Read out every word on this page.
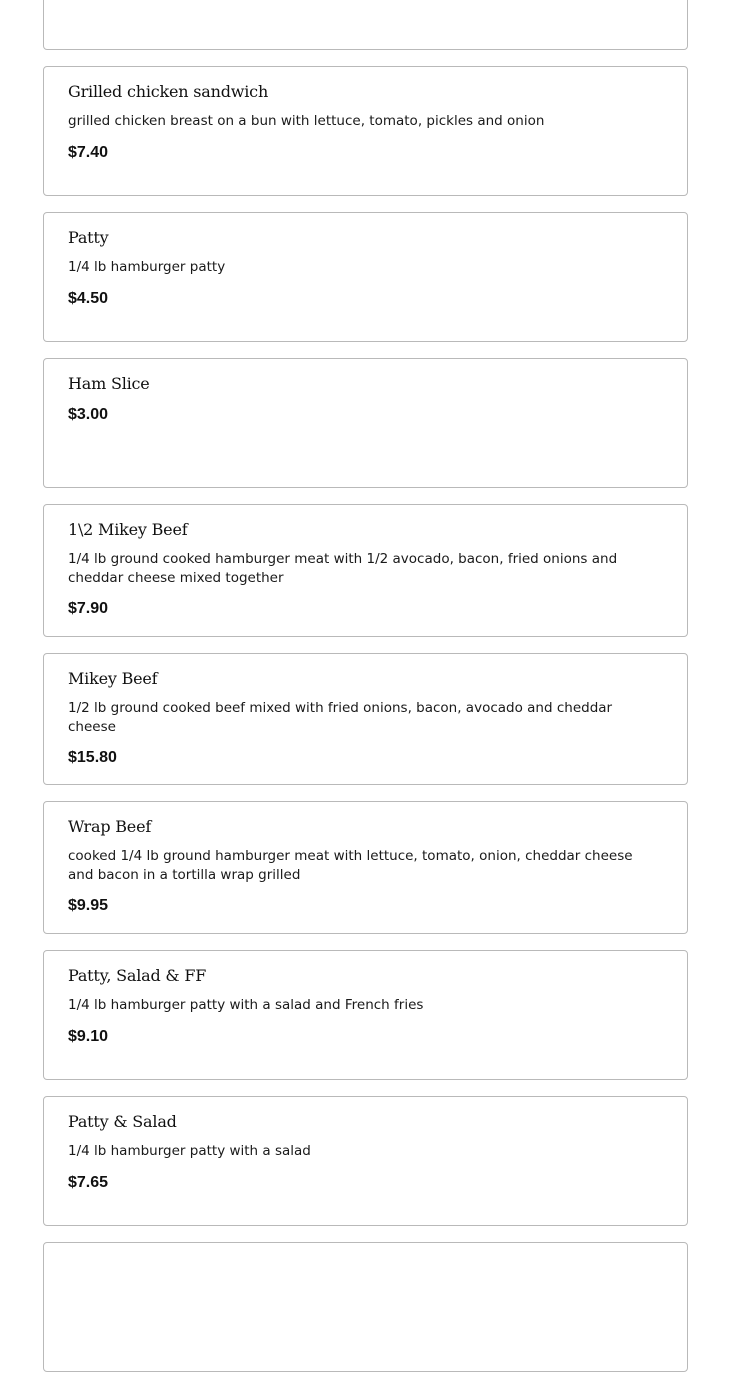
Grilled chicken sandwich
grilled chicken breast on a bun with lettuce, tomato, pickles and onion
$7.40
Patty
1/4 lb hamburger patty
$4.50
Ham Slice
$3.00
1\2 Mikey Beef
1/4 lb ground cooked hamburger meat with 1/2 avocado, bacon, fried onions and cheddar cheese mixed together
$7.90
Mikey Beef
1/2 lb ground cooked beef mixed with fried onions, bacon, avocado and cheddar cheese
$15.80
Wrap Beef
cooked 1/4 lb ground hamburger meat with lettuce, tomato, onion, cheddar cheese and bacon in a tortilla wrap grilled
$9.95
Patty, Salad & FF
1/4 lb hamburger patty with a salad and French fries
$9.10
Patty & Salad
1/4 lb hamburger patty with a salad
$7.65
